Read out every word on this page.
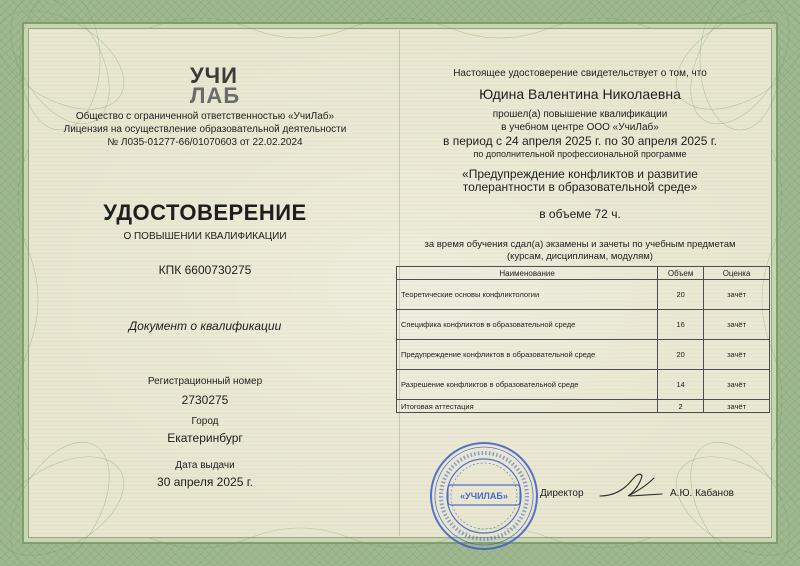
УЧИ
ЛАБ
Общество с ограниченной ответственностью «УчиЛаб»
Лицензия на осуществление образовательной деятельности
№ Л035-01277-66/01070603 от 22.02.2024
УДОСТОВЕРЕНИЕ
О ПОВЫШЕНИИ КВАЛИФИКАЦИИ
КПК 6600730275
Документ о квалификации
Регистрационный номер
2730275
Город
Екатеринбург
Дата выдачи
30 апреля 2025 г.
Настоящее удостоверение свидетельствует о том, что
Юдина Валентина Николаевна
прошел(а) повышение квалификации
в учебном центре ООО «УчиЛаб»
в период с 24 апреля 2025 г. по 30 апреля 2025 г.
по дополнительной профессиональной программе
«Предупреждение конфликтов и развитие
толерантности в образовательной среде»
в объеме 72 ч.
за время обучения сдал(а) экзамены и зачеты по учебным предметам
(курсам, дисциплинам, модулям)
Наименование	Объем	Оценка
Теоретические основы конфликтологии	20	зачёт
Специфика конфликтов в образовательной среде	16	зачёт
Предупреждение конфликтов в образовательной среде	20	зачёт
Разрешение конфликтов в образовательной среде	14	зачёт
Итоговая аттестация	2	зачёт
«УЧИЛАБ»	Директор	А.Ю. Кабанов
